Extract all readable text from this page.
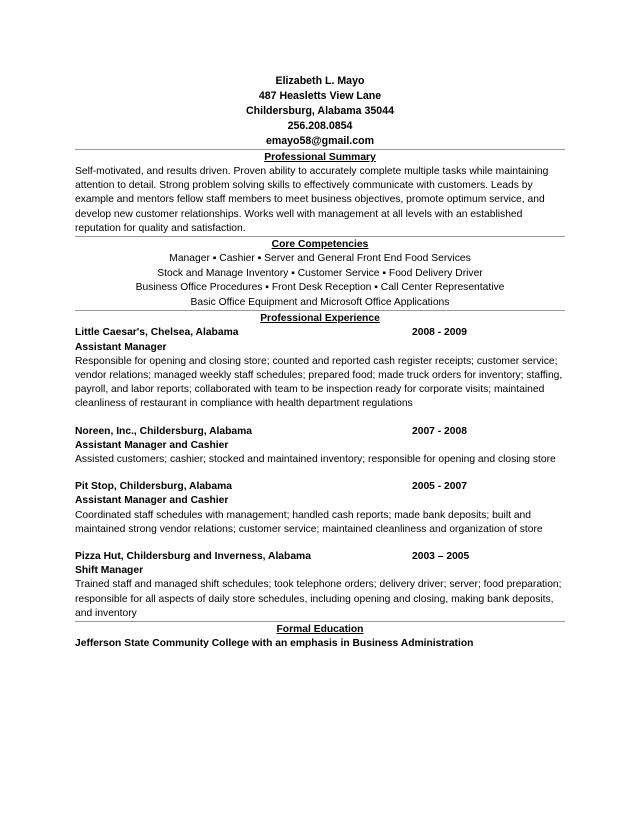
Elizabeth L. Mayo
487 Heasletts View Lane
Childersburg, Alabama 35044
256.208.0854
emayo58@gmail.com
Professional Summary
Self-motivated, and results driven. Proven ability to accurately complete multiple tasks while maintaining attention to detail. Strong problem solving skills to effectively communicate with customers. Leads by example and mentors fellow staff members to meet business objectives, promote optimum service, and develop new customer relationships. Works well with management at all levels with an established reputation for quality and satisfaction.
Core Competencies
Manager ▪ Cashier ▪ Server and General Front End Food Services
Stock and Manage Inventory ▪ Customer Service ▪ Food Delivery Driver
Business Office Procedures ▪ Front Desk Reception ▪ Call Center Representative
Basic Office Equipment and Microsoft Office Applications
Professional Experience
Little Caesar's, Chelsea, Alabama	2008 - 2009
Assistant Manager
Responsible for opening and closing store; counted and reported cash register receipts; customer service; vendor relations; managed weekly staff schedules; prepared food; made truck orders for inventory; staffing, payroll, and labor reports; collaborated with team to be inspection ready for corporate visits; maintained cleanliness of restaurant in compliance with health department regulations
Noreen, Inc., Childersburg, Alabama	2007 - 2008
Assistant Manager and Cashier
Assisted customers; cashier; stocked and maintained inventory; responsible for opening and closing store
Pit Stop, Childersburg, Alabama	2005 - 2007
Assistant Manager and Cashier
Coordinated staff schedules with management; handled cash reports; made bank deposits; built and maintained strong vendor relations; customer service; maintained cleanliness and organization of store
Pizza Hut, Childersburg and Inverness, Alabama	2003 – 2005
Shift Manager
Trained staff and managed shift schedules; took telephone orders; delivery driver; server; food preparation; responsible for all aspects of daily store schedules, including opening and closing, making bank deposits, and inventory
Formal Education
Jefferson State Community College with an emphasis in Business Administration
